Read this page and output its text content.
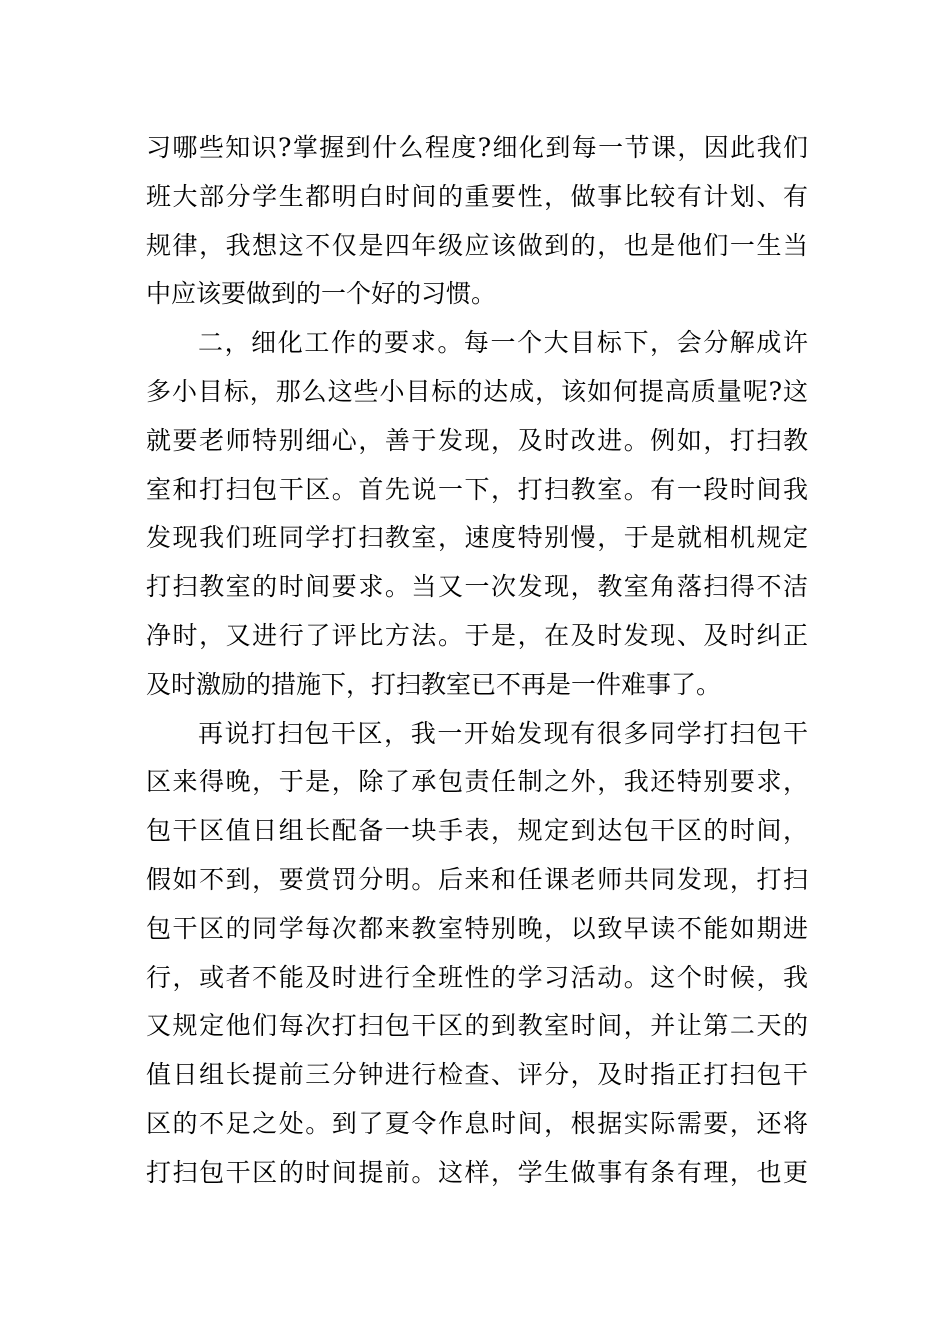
习哪些知识?掌握到什么程度?细化到每一节课，因此我们
班大部分学生都明白时间的重要性，做事比较有计划、有
规律，我想这不仅是四年级应该做到的，也是他们一生当
中应该要做到的一个好的习惯。
二，细化工作的要求。每一个大目标下，会分解成许
多小目标，那么这些小目标的达成，该如何提高质量呢?这
就要老师特别细心，善于发现，及时改进。例如，打扫教
室和打扫包干区。首先说一下，打扫教室。有一段时间我
发现我们班同学打扫教室，速度特别慢，于是就相机规定
打扫教室的时间要求。当又一次发现，教室角落扫得不洁
净时，又进行了评比方法。于是，在及时发现、及时纠正
及时激励的措施下，打扫教室已不再是一件难事了。
再说打扫包干区，我一开始发现有很多同学打扫包干
区来得晚，于是，除了承包责任制之外，我还特别要求，
包干区值日组长配备一块手表，规定到达包干区的时间，
假如不到，要赏罚分明。后来和任课老师共同发现，打扫
包干区的同学每次都来教室特别晚，以致早读不能如期进
行，或者不能及时进行全班性的学习活动。这个时候，我
又规定他们每次打扫包干区的到教室时间，并让第二天的
值日组长提前三分钟进行检查、评分，及时指正打扫包干
区的不足之处。到了夏令作息时间，根据实际需要，还将
打扫包干区的时间提前。这样，学生做事有条有理，也更
